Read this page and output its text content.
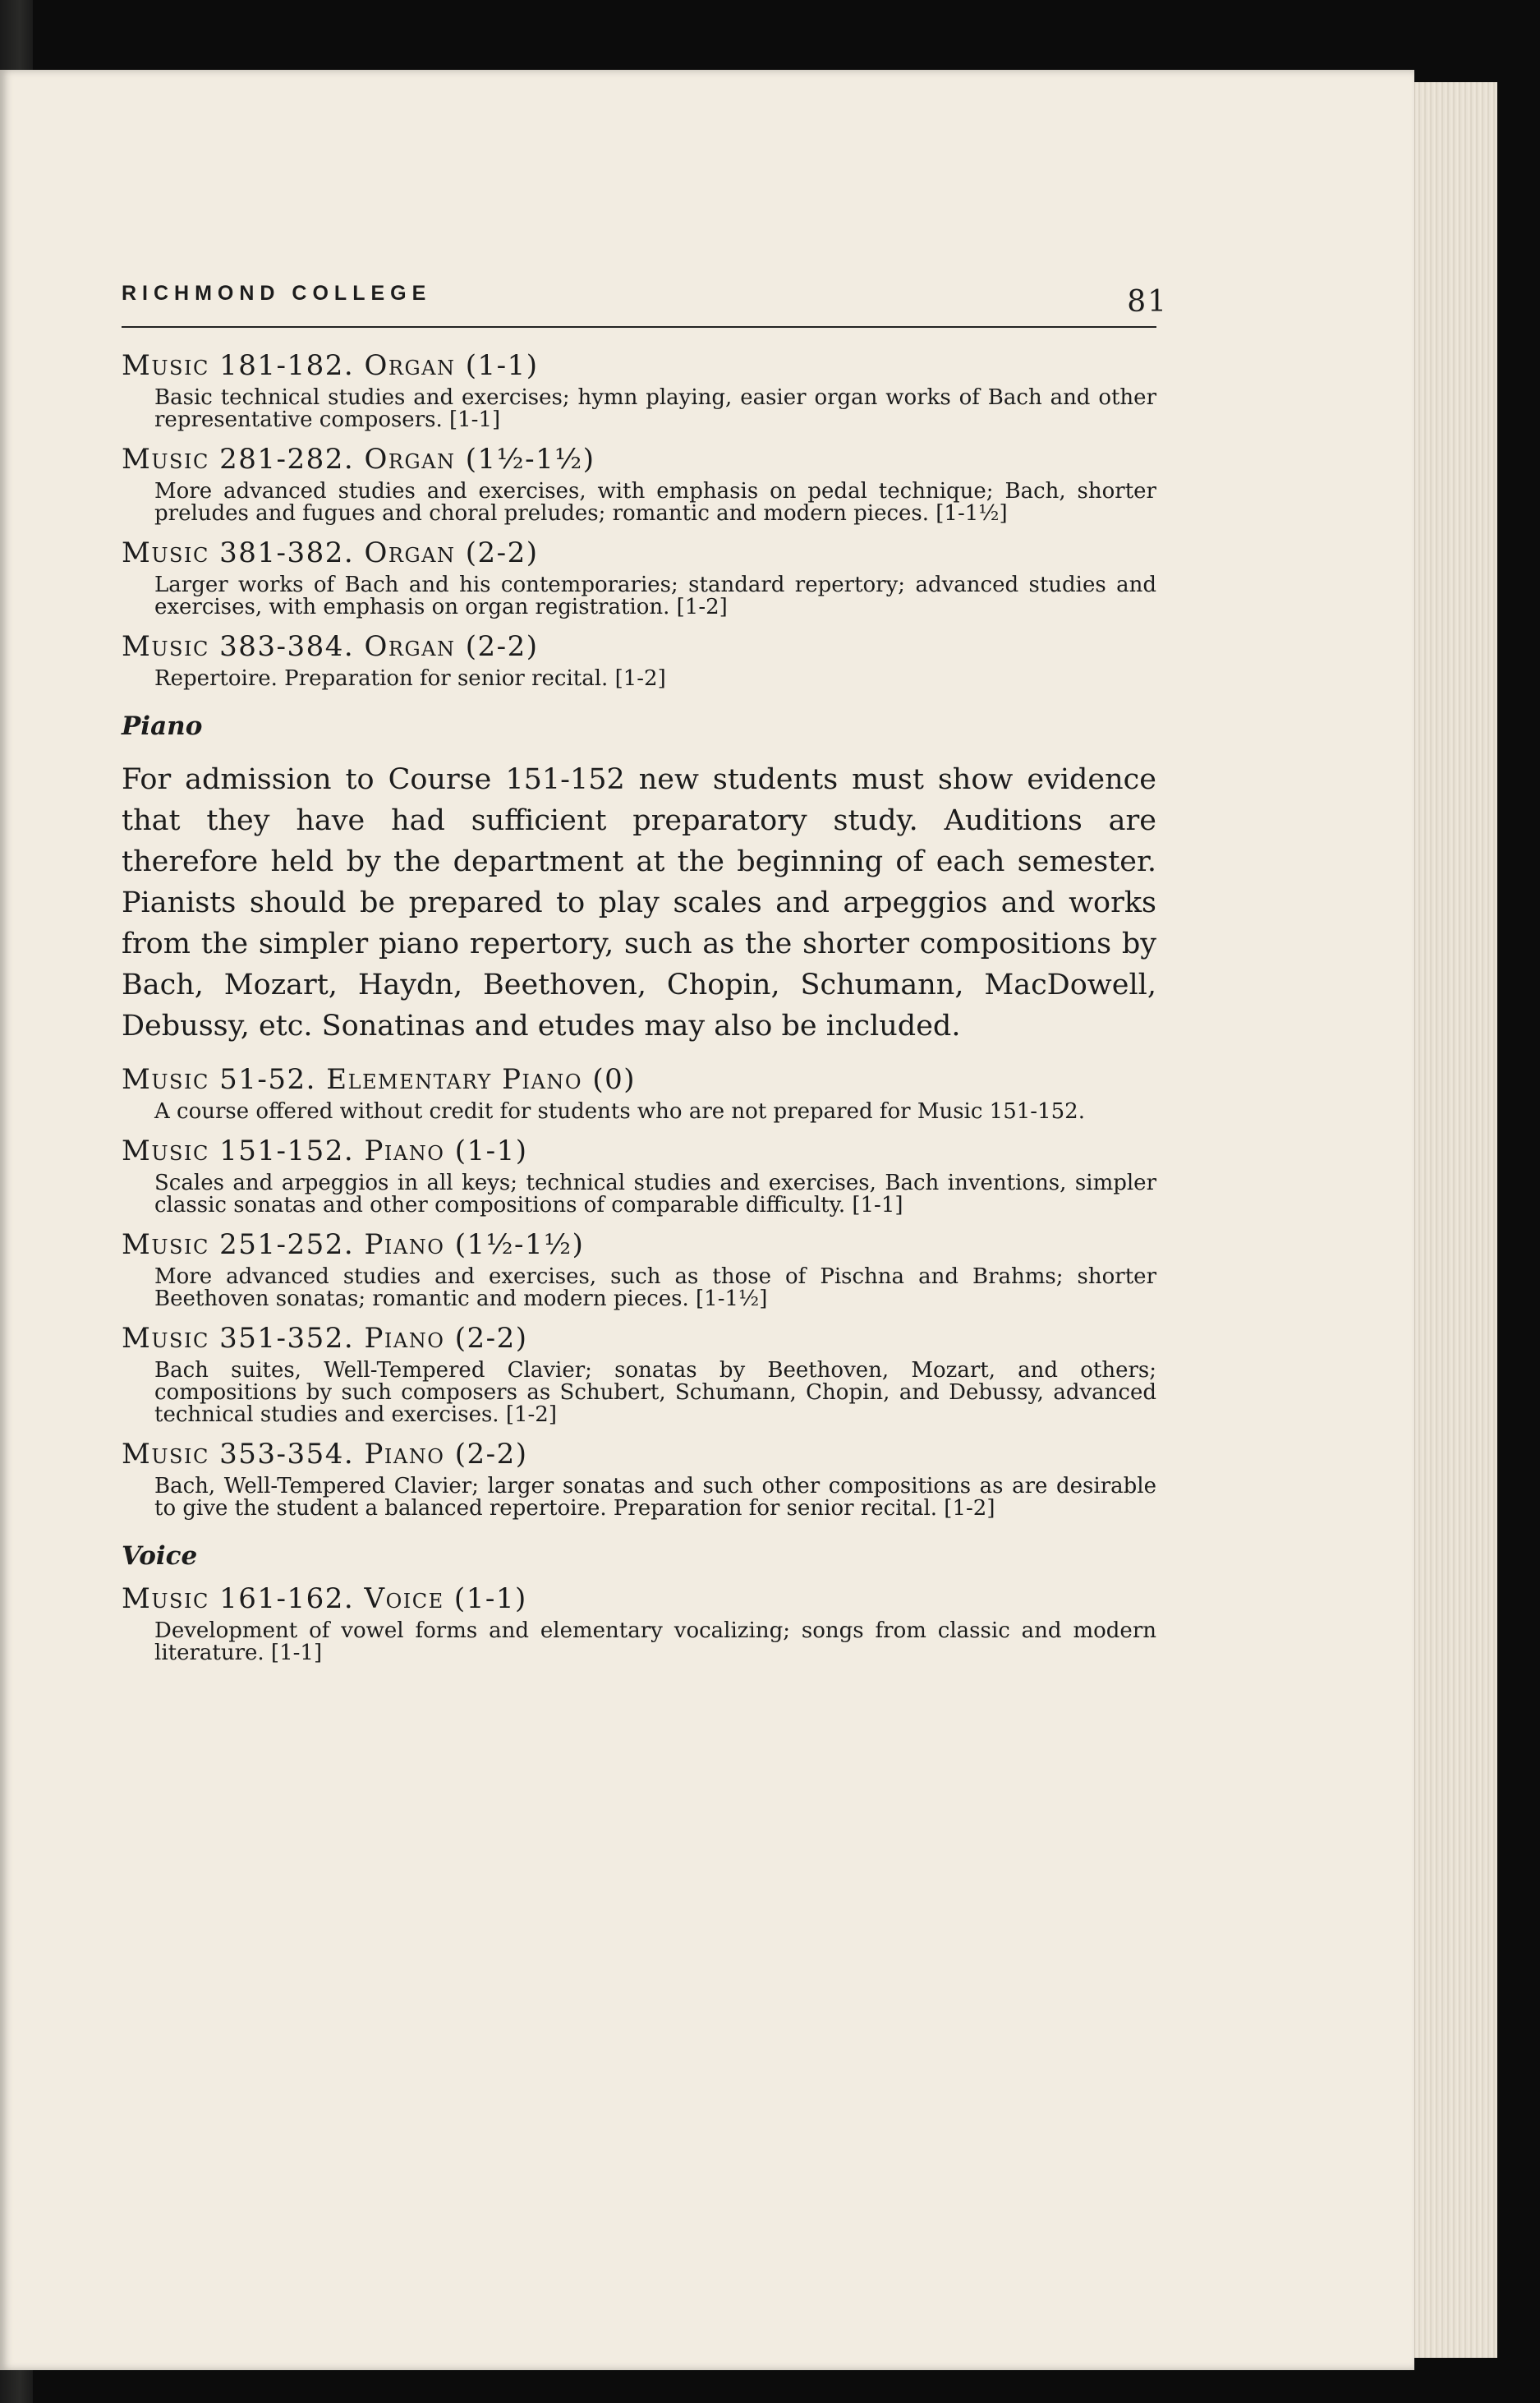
RICHMOND COLLEGE	81
Music 181-182. Organ (1-1)
Basic technical studies and exercises; hymn playing, easier organ works of Bach and other representative composers. [1-1]
Music 281-282. Organ (1½-1½)
More advanced studies and exercises, with emphasis on pedal technique; Bach, shorter preludes and fugues and choral preludes; romantic and modern pieces. [1-1½]
Music 381-382. Organ (2-2)
Larger works of Bach and his contemporaries; standard repertory; advanced studies and exercises, with emphasis on organ registration. [1-2]
Music 383-384. Organ (2-2)
Repertoire. Preparation for senior recital. [1-2]
Piano
For admission to Course 151-152 new students must show evidence that they have had sufficient preparatory study. Auditions are therefore held by the department at the beginning of each semester. Pianists should be prepared to play scales and arpeggios and works from the simpler piano repertory, such as the shorter compositions by Bach, Mozart, Haydn, Beethoven, Chopin, Schumann, MacDowell, Debussy, etc. Sonatinas and etudes may also be included.
Music 51-52. Elementary Piano (0)
A course offered without credit for students who are not prepared for Music 151-152.
Music 151-152. Piano (1-1)
Scales and arpeggios in all keys; technical studies and exercises, Bach inventions, simpler classic sonatas and other compositions of comparable difficulty. [1-1]
Music 251-252. Piano (1½-1½)
More advanced studies and exercises, such as those of Pischna and Brahms; shorter Beethoven sonatas; romantic and modern pieces. [1-1½]
Music 351-352. Piano (2-2)
Bach suites, Well-Tempered Clavier; sonatas by Beethoven, Mozart, and others; compositions by such composers as Schubert, Schumann, Chopin, and Debussy, advanced technical studies and exercises. [1-2]
Music 353-354. Piano (2-2)
Bach, Well-Tempered Clavier; larger sonatas and such other compositions as are desirable to give the student a balanced repertoire. Preparation for senior recital. [1-2]
Voice
Music 161-162. Voice (1-1)
Development of vowel forms and elementary vocalizing; songs from classic and modern literature. [1-1]
